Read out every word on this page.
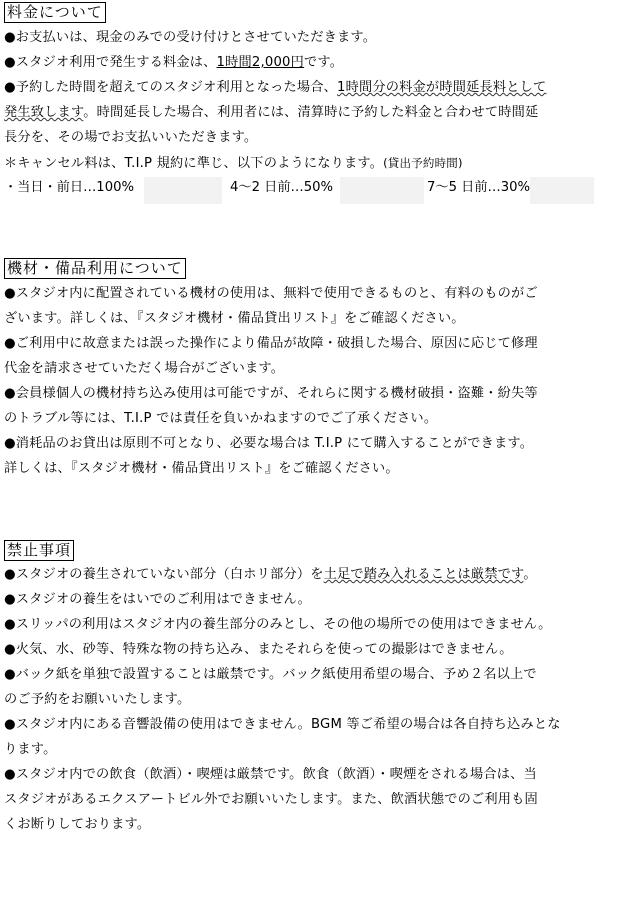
料金について
●お支払いは、現金のみでの受け付けとさせていただきます。
●スタジオ利用で発生する料金は、1時間2,000円です。
●予約した時間を超えてのスタジオ利用となった場合、1時間分の料金が時間延長料として
発生致します。時間延長した場合、利用者には、清算時に予約した料金と合わせて時間延
長分を、その場でお支払いいただきます。
＊キャンセル料は、T.I.P 規約に準じ、以下のようになります。(貸出予約時間)
・当日・前日…100%	4〜2 日前…50%	7〜5 日前…30%
機材・備品利用について
●スタジオ内に配置されている機材の使用は、無料で使用できるものと、有料のものがご
ざいます。詳しくは、『スタジオ機材・備品貸出リスト』をご確認ください。
●ご利用中に故意または誤った操作により備品が故障・破損した場合、原因に応じて修理
代金を請求させていただく場合がございます。
●会員様個人の機材持ち込み使用は可能ですが、それらに関する機材破損・盗難・紛失等
のトラブル等には、T.I.P では責任を負いかねますのでご了承ください。
●消耗品のお貸出は原則不可となり、必要な場合は T.I.P にて購入することができます。
詳しくは、『スタジオ機材・備品貸出リスト』をご確認ください。
禁止事項
●スタジオの養生されていない部分（白ホリ部分）を土足で踏み入れることは厳禁です。
●スタジオの養生をはいでのご利用はできません。
●スリッパの利用はスタジオ内の養生部分のみとし、その他の場所での使用はできません。
●火気、水、砂等、特殊な物の持ち込み、またそれらを使っての撮影はできません。
●バック紙を単独で設置することは厳禁です。バック紙使用希望の場合、予め２名以上で
のご予約をお願いいたします。
●スタジオ内にある音響設備の使用はできません。BGM 等ご希望の場合は各自持ち込みとな
ります。
●スタジオ内での飲食（飲酒）・喫煙は厳禁です。飲食（飲酒）・喫煙をされる場合は、当
スタジオがあるエクスアートビル外でお願いいたします。また、飲酒状態でのご利用も固
くお断りしております。
